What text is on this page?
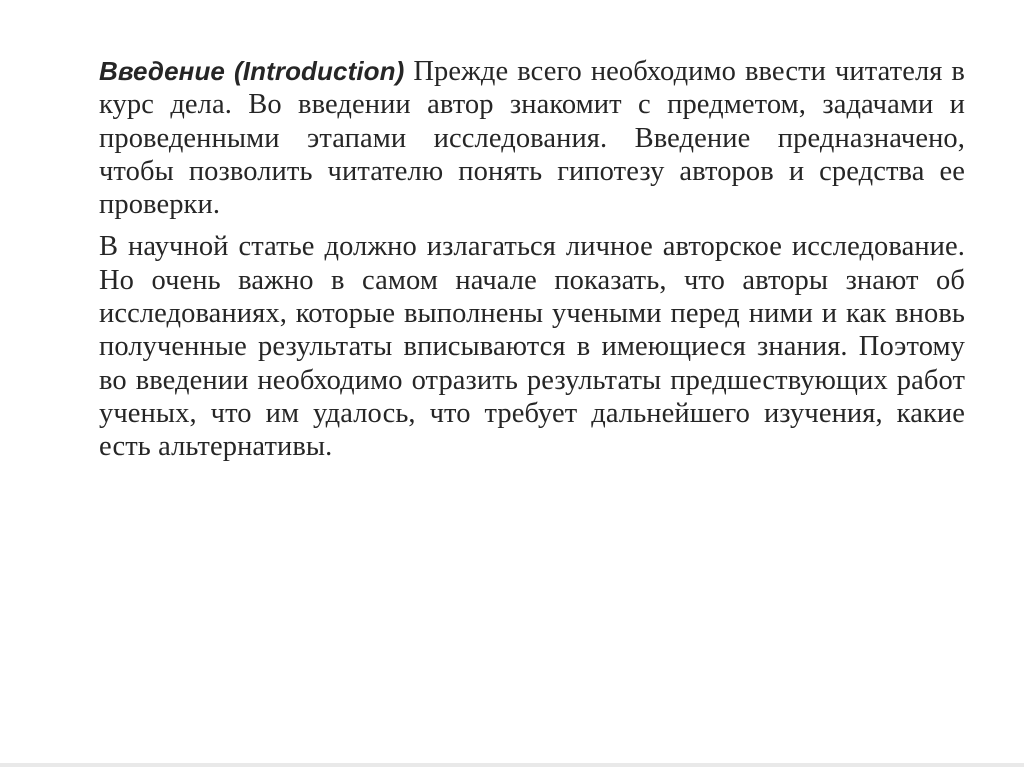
Введение (Introduction) Прежде всего необходимо ввести читателя в курс дела. Во введении автор знакомит с предметом, задачами и проведенными этапами исследования. Введение предназначено, чтобы позволить читателю понять гипотезу авторов и средства ее проверки.

В научной статье должно излагаться личное авторское исследование. Но очень важно в самом начале показать, что авторы знают об исследованиях, которые выполнены учеными перед ними и как вновь полученные результаты вписываются в имеющиеся знания. Поэтому во введении необходимо отразить результаты предшествующих работ ученых, что им удалось, что требует дальнейшего изучения, какие есть альтернативы.
